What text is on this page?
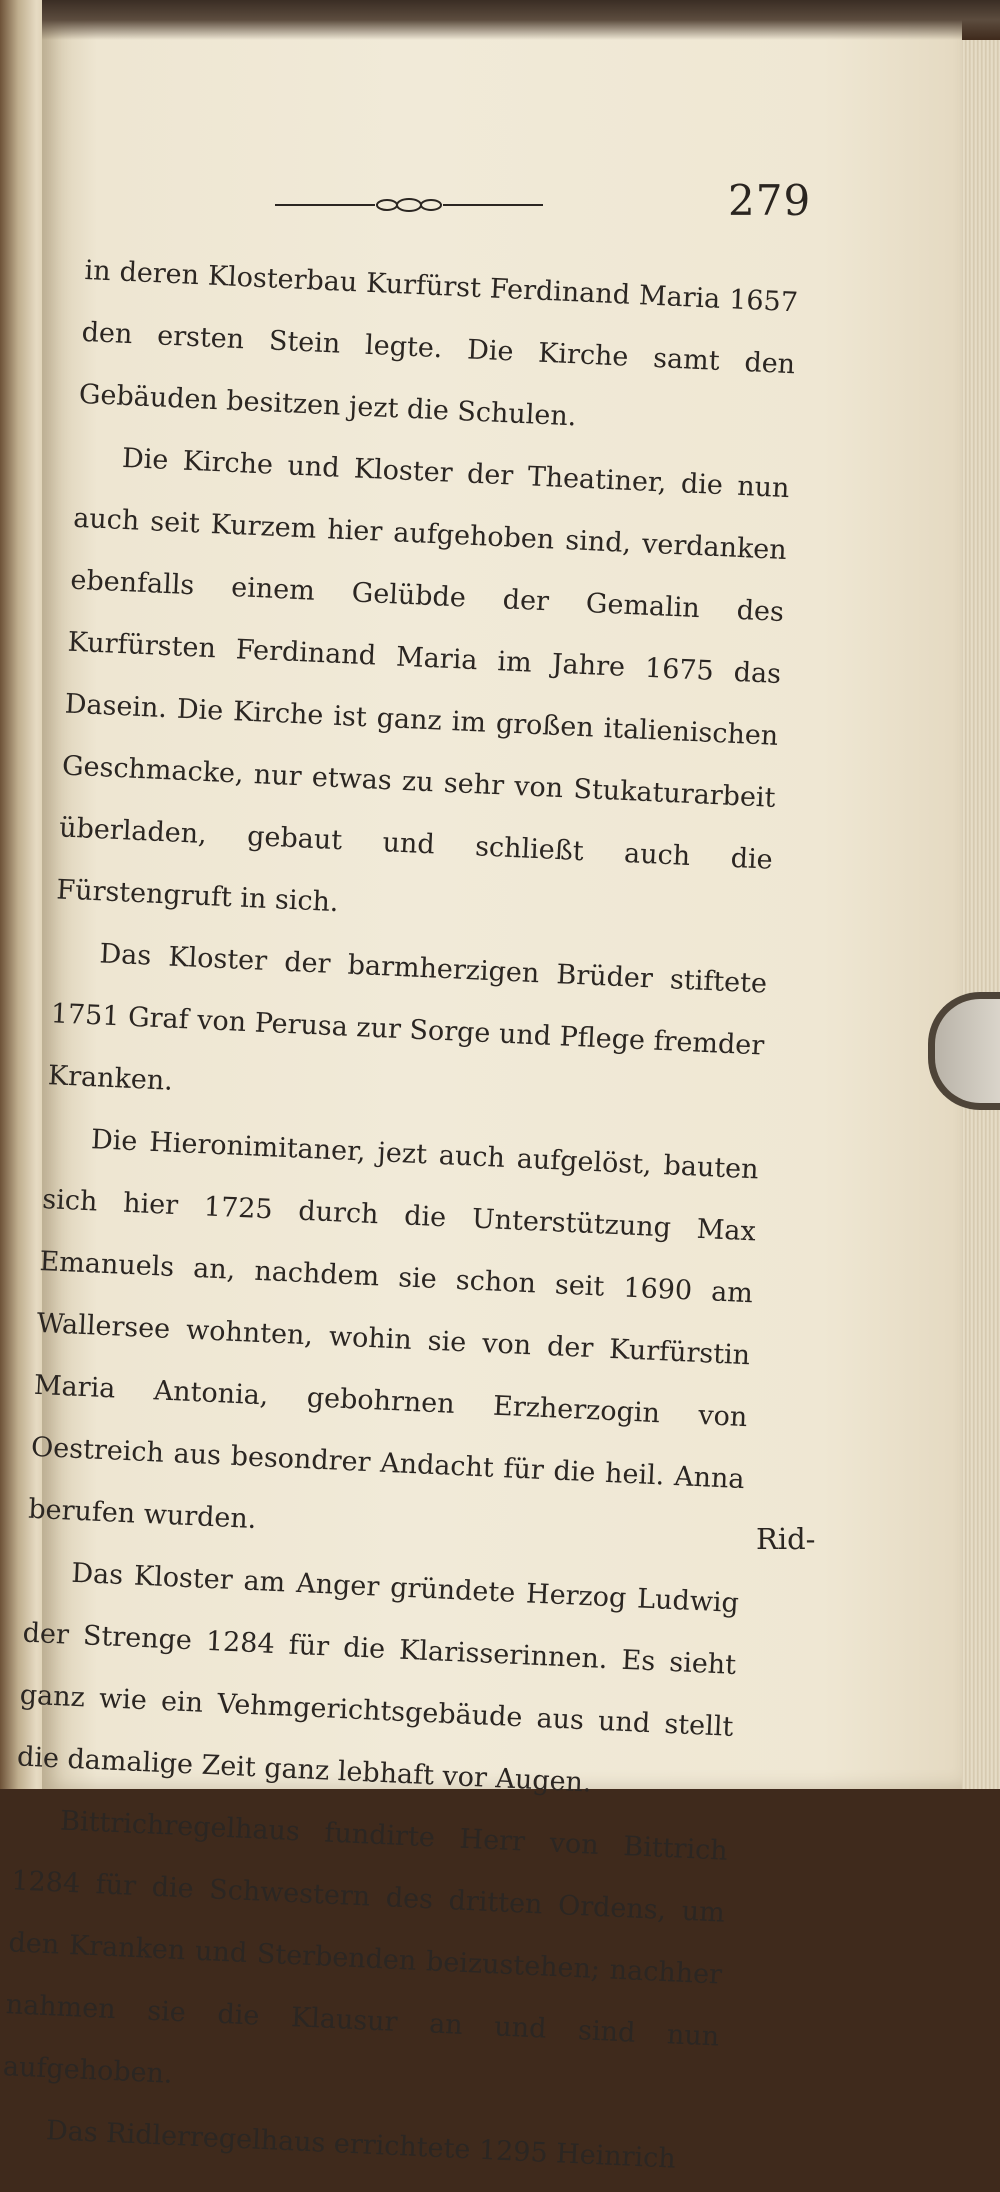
279

in deren Klosterbau Kurfürst Ferdinand Maria 1657 den ersten Stein legte. Die Kirche samt den Gebäuden besitzen jezt die Schulen.

Die Kirche und Kloster der Theatiner, die nun auch seit Kurzem hier aufgehoben sind, verdanken ebenfalls einem Gelübde der Gemalin des Kurfürsten Ferdinand Maria im Jahre 1675 das Dasein. Die Kirche ist ganz im großen italienischen Geschmacke, nur etwas zu sehr von Stukaturarbeit überladen, gebaut und schließt auch die Fürstengruft in sich.

Das Kloster der barmherzigen Brüder stiftete 1751 Graf von Perusa zur Sorge und Pflege fremder Kranken.

Die Hieronimitaner, jezt auch aufgelöst, bauten sich hier 1725 durch die Unterstützung Max Emanuels an, nachdem sie schon seit 1690 am Wallersee wohnten, wohin sie von der Kurfürstin Maria Antonia, gebohrnen Erzherzogin von Oestreich aus besondrer Andacht für die heil. Anna berufen wurden.

Das Kloster am Anger gründete Herzog Ludwig der Strenge 1284 für die Klarisserinnen. Es sieht ganz wie ein Vehmgerichtsgebäude aus und stellt die damalige Zeit ganz lebhaft vor Augen.

Bittrichregelhaus fundirte Herr von Bittrich 1284 für die Schwestern des dritten Ordens, um den Kranken und Sterbenden beizustehen; nachher nahmen sie die Klausur an und sind nun aufgehoben.

Das Ridlerregelhaus errichtete 1295 Heinrich

Rid-
